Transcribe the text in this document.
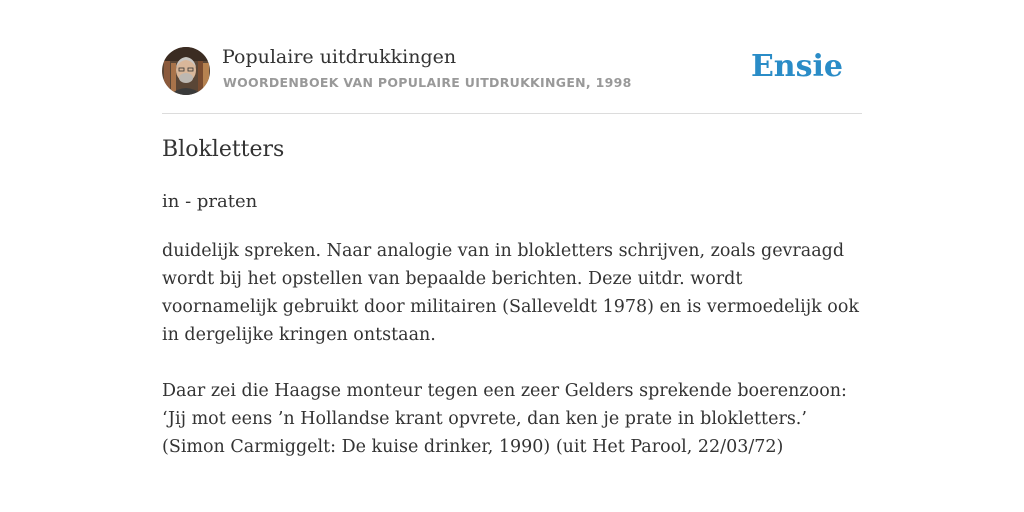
Populaire uitdrukkingen
WOORDENBOEK VAN POPULAIRE UITDRUKKINGEN, 1998	Ensie
Blokletters
in - praten

duidelijk spreken. Naar analogie van in blokletters schrijven, zoals gevraagd wordt bij het opstellen van bepaalde berichten. Deze uitdr. wordt voornamelijk gebruikt door militairen (Salleveldt 1978) en is vermoedelijk ook in dergelijke kringen ontstaan.

Daar zei die Haagse monteur tegen een zeer Gelders sprekende boerenzoon: ‘Jij mot eens ’n Hollandse krant opvrete, dan ken je prate in blokletters.’ (Simon Carmiggelt: De kuise drinker, 1990) (uit Het Parool, 22/03/72)
